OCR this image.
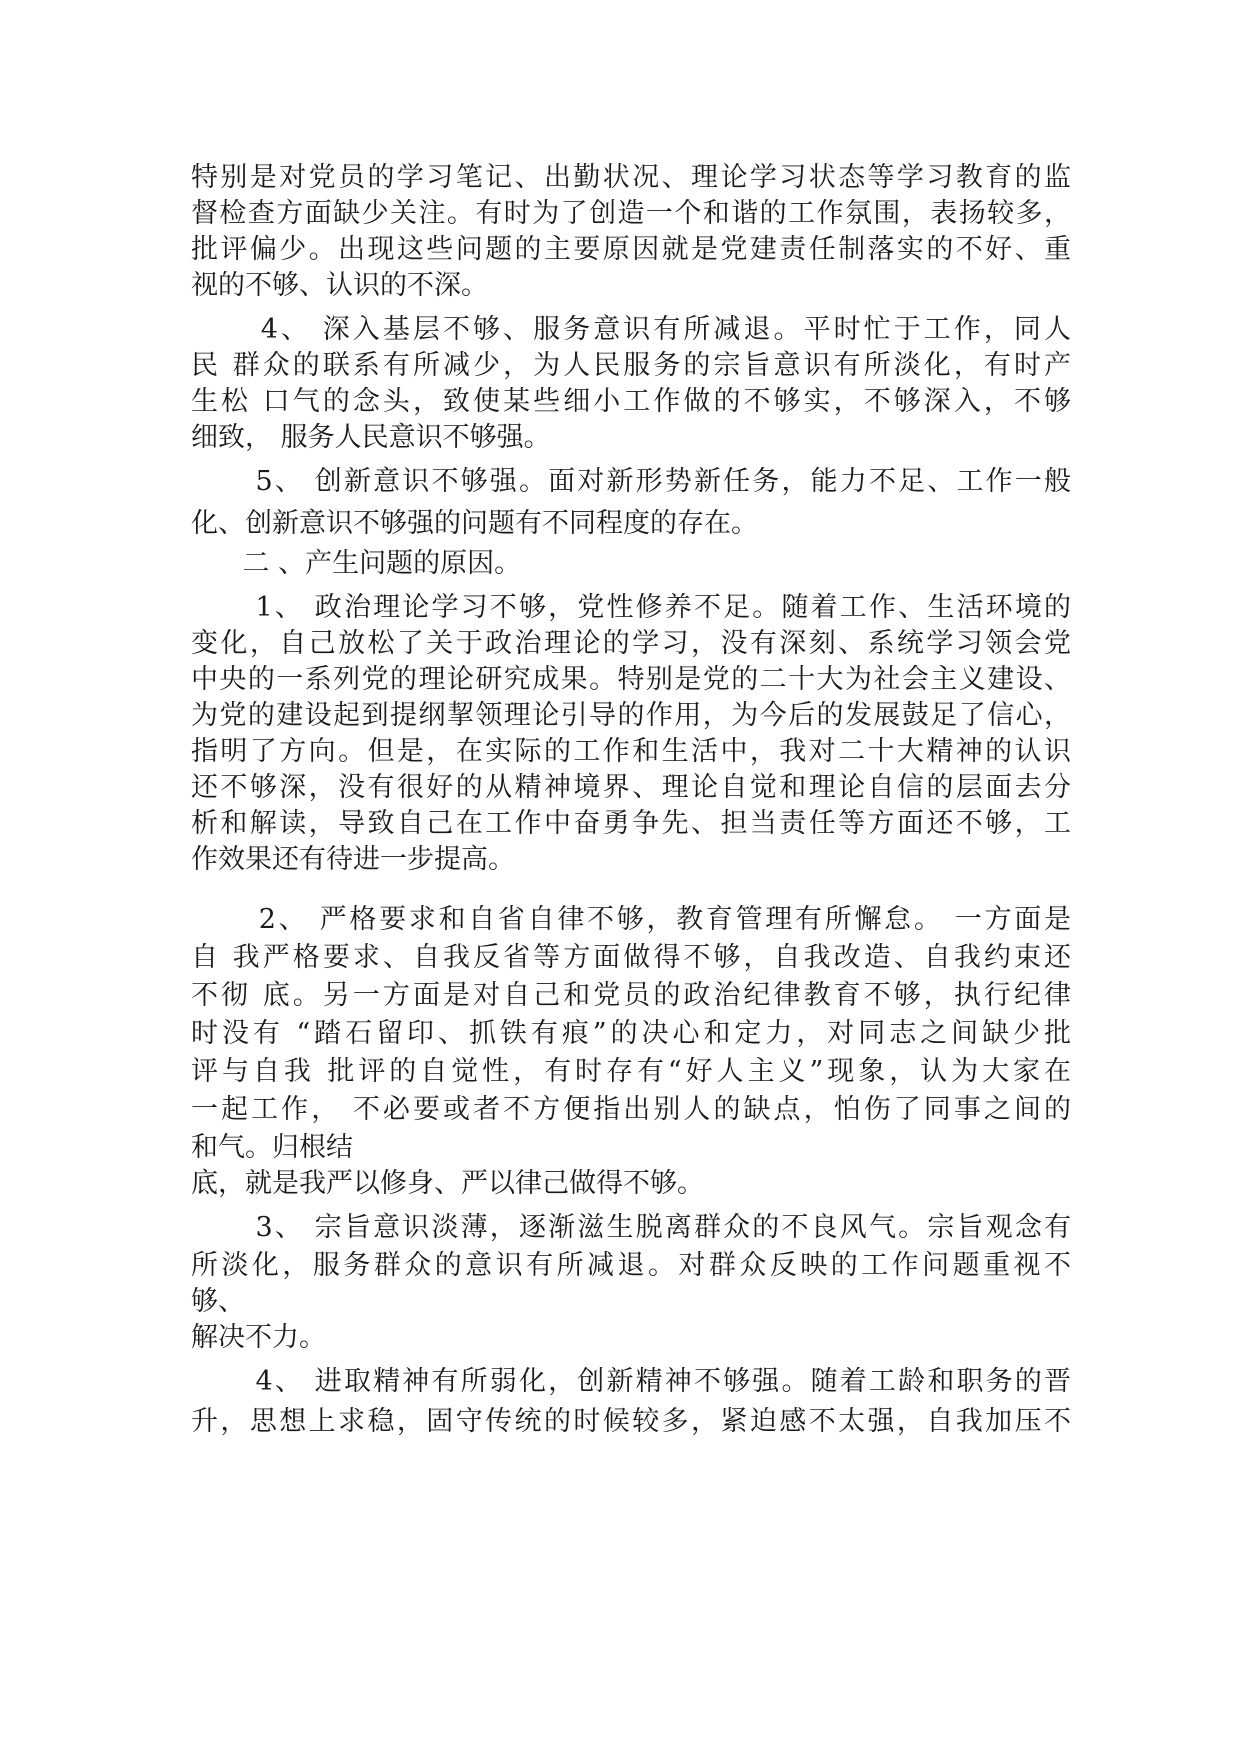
特别是对党员的学习笔记、出勤状况、理论学习状态等学习教育的监
督检查方面缺少关注。有时为了创造一个和谐的工作氛围，表扬较多，
批评偏少。出现这些问题的主要原因就是党建责任制落实的不好、重
视的不够、认识的不深。
4、 深入基层不够、服务意识有所减退。平时忙于工作，同人
民 群众的联系有所减少，为人民服务的宗旨意识有所淡化，有时产
生松 口气的念头，致使某些细小工作做的不够实，不够深入，不够
细致， 服务人民意识不够强。
5、 创新意识不够强。面对新形势新任务，能力不足、工作一般
化、创新意识不够强的问题有不同程度的存在。
二 、产生问题的原因。
1、 政治理论学习不够，党性修养不足。随着工作、生活环境的
变化，自己放松了关于政治理论的学习，没有深刻、系统学习领会党
中央的一系列党的理论研究成果。特别是党的二十大为社会主义建设、
为党的建设起到提纲挈领理论引导的作用，为今后的发展鼓足了信心，
指明了方向。但是，在实际的工作和生活中，我对二十大精神的认识
还不够深，没有很好的从精神境界、理论自觉和理论自信的层面去分
析和解读，导致自己在工作中奋勇争先、担当责任等方面还不够，工
作效果还有待进一步提高。
2、 严格要求和自省自律不够，教育管理有所懈怠。 一方面是
自 我严格要求、自我反省等方面做得不够，自我改造、自我约束还
不彻 底。另一方面是对自己和党员的政治纪律教育不够，执行纪律
时没有 “踏石留印、抓铁有痕”的决心和定力，对同志之间缺少批
评与自我 批评的自觉性，有时存有“好人主义”现象，认为大家在
一起工作， 不必要或者不方便指出别人的缺点，怕伤了同事之间的
和气。归根结
底，就是我严以修身、严以律己做得不够。
3、 宗旨意识淡薄，逐渐滋生脱离群众的不良风气。宗旨观念有
所淡化，服务群众的意识有所减退。对群众反映的工作问题重视不
够、
解决不力。
4、 进取精神有所弱化，创新精神不够强。随着工龄和职务的晋
升，思想上求稳，固守传统的时候较多，紧迫感不太强，自我加压不
